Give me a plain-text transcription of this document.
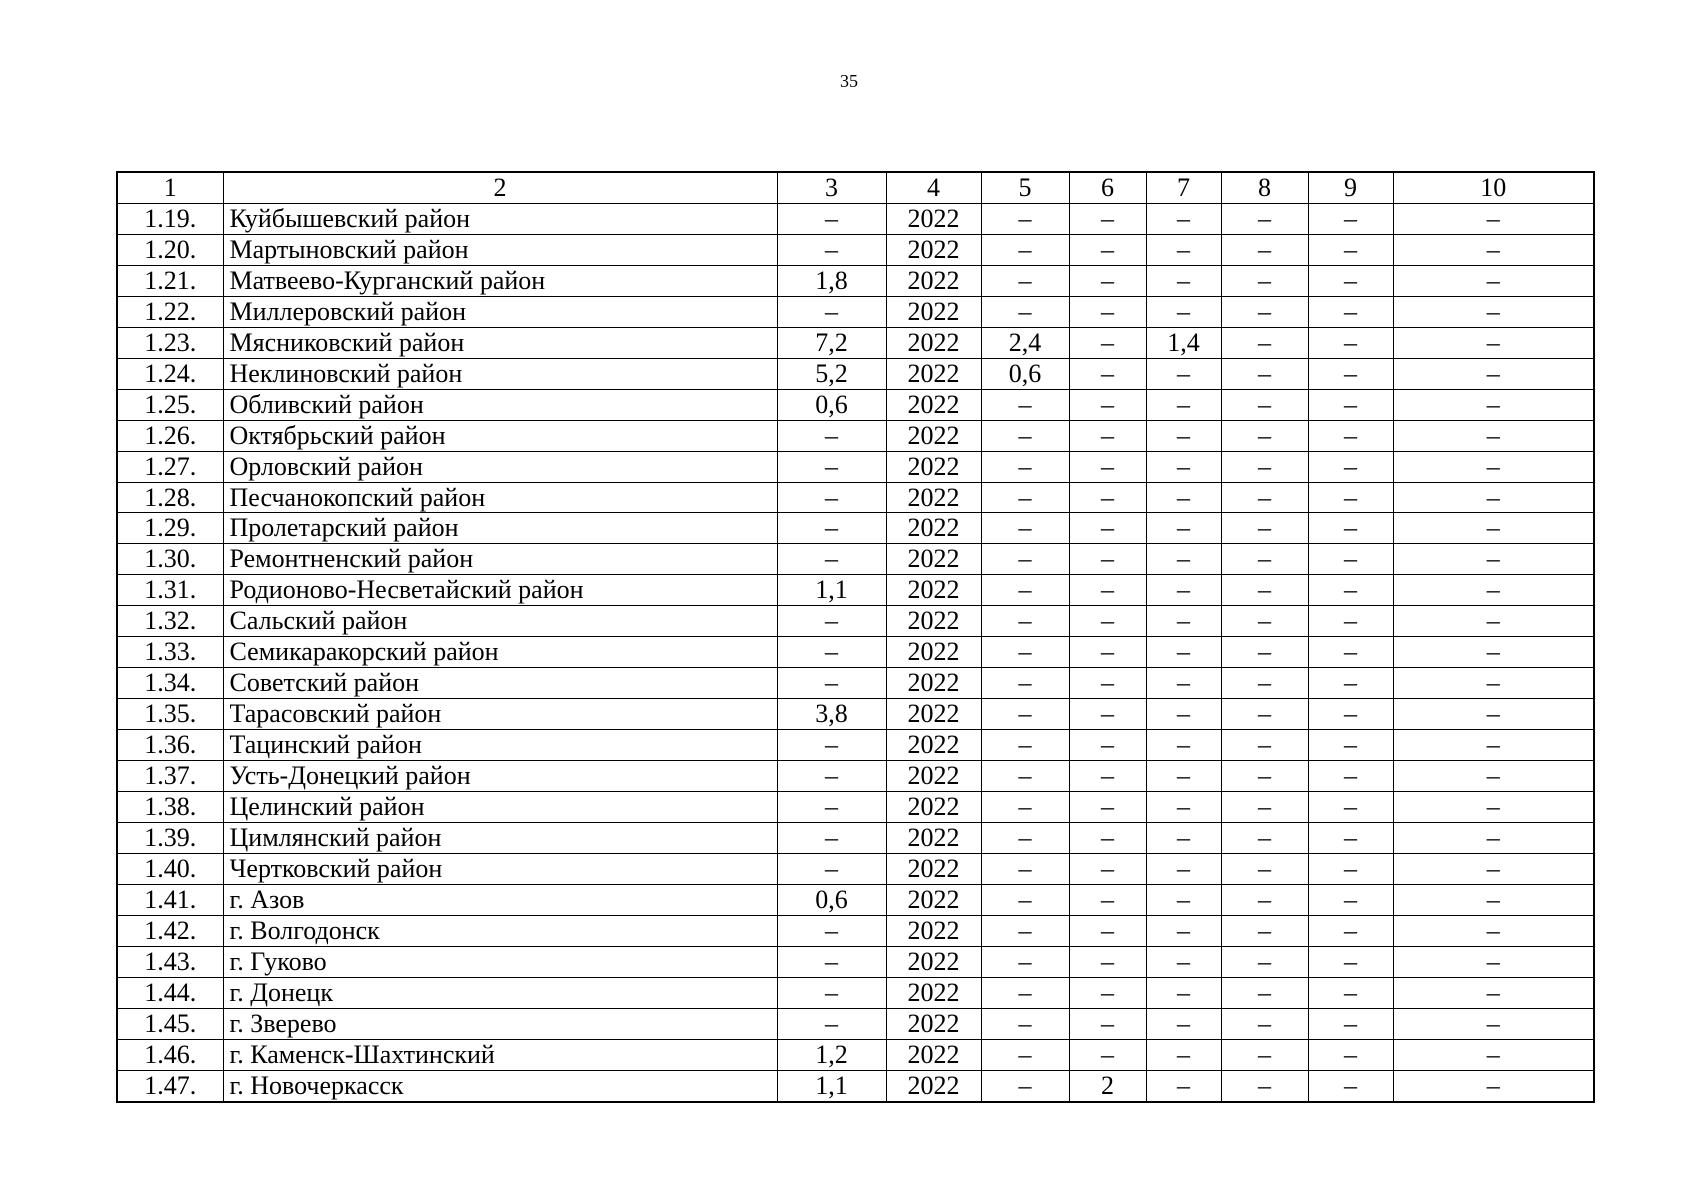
35
1	2	3	4	5	6	7	8	9	10
1.19.	Куйбышевский район	–	2022	–	–	–	–	–	–
1.20.	Мартыновский район	–	2022	–	–	–	–	–	–
1.21.	Матвеево-Курганский район	1,8	2022	–	–	–	–	–	–
1.22.	Миллеровский район	–	2022	–	–	–	–	–	–
1.23.	Мясниковский район	7,2	2022	2,4	–	1,4	–	–	–
1.24.	Неклиновский район	5,2	2022	0,6	–	–	–	–	–
1.25.	Обливский район	0,6	2022	–	–	–	–	–	–
1.26.	Октябрьский район	–	2022	–	–	–	–	–	–
1.27.	Орловский район	–	2022	–	–	–	–	–	–
1.28.	Песчанокопский район	–	2022	–	–	–	–	–	–
1.29.	Пролетарский район	–	2022	–	–	–	–	–	–
1.30.	Ремонтненский район	–	2022	–	–	–	–	–	–
1.31.	Родионово-Несветайский район	1,1	2022	–	–	–	–	–	–
1.32.	Сальский район	–	2022	–	–	–	–	–	–
1.33.	Семикаракорский район	–	2022	–	–	–	–	–	–
1.34.	Советский район	–	2022	–	–	–	–	–	–
1.35.	Тарасовский район	3,8	2022	–	–	–	–	–	–
1.36.	Тацинский район	–	2022	–	–	–	–	–	–
1.37.	Усть-Донецкий район	–	2022	–	–	–	–	–	–
1.38.	Целинский район	–	2022	–	–	–	–	–	–
1.39.	Цимлянский район	–	2022	–	–	–	–	–	–
1.40.	Чертковский район	–	2022	–	–	–	–	–	–
1.41.	г. Азов	0,6	2022	–	–	–	–	–	–
1.42.	г. Волгодонск	–	2022	–	–	–	–	–	–
1.43.	г. Гуково	–	2022	–	–	–	–	–	–
1.44.	г. Донецк	–	2022	–	–	–	–	–	–
1.45.	г. Зверево	–	2022	–	–	–	–	–	–
1.46.	г. Каменск-Шахтинский	1,2	2022	–	–	–	–	–	–
1.47.	г. Новочеркасск	1,1	2022	–	2	–	–	–	–
